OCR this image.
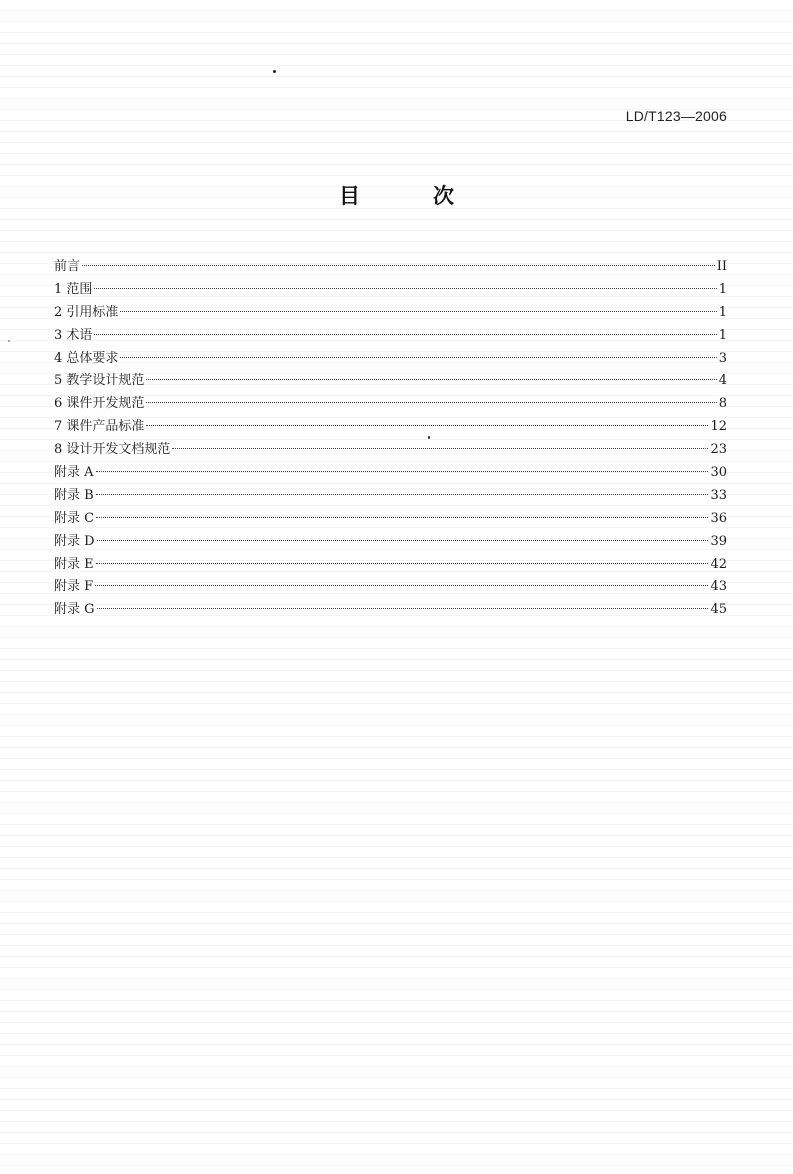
LD/T123—2006
目　次
前言	II
1 范围	1
2 引用标准	1
3 术语	1
4 总体要求	3
5 教学设计规范	4
6 课件开发规范	8
7 课件产品标准	12
8 设计开发文档规范	23
附录 A	30
附录 B	33
附录 C	36
附录 D	39
附录 E	42
附录 F	43
附录 G	45
